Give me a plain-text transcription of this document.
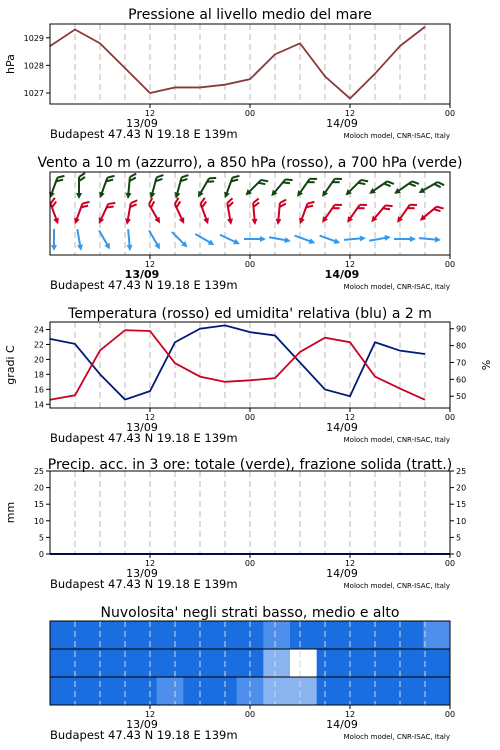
Pressione al livello medio del mare
1027
1028
1029
hPa
12	00	12	00
13/09	14/09
Budapest 47.43 N 19.18 E 139m	Moloch model, CNR-ISAC, Italy
Vento a 10 m (azzurro), a 850 hPa (rosso), a 700 hPa (verde)
12	00	12	00
13/09	14/09
Budapest 47.43 N 19.18 E 139m	Moloch model, CNR-ISAC, Italy
Temperatura (rosso) ed umidita' relativa (blu) a 2 m
14
16
18
20
22
24
50
60
70
80
90
gradi C	%
12	00	12	00
13/09	14/09
Budapest 47.43 N 19.18 E 139m	Moloch model, CNR-ISAC, Italy
Precip. acc. in 3 ore: totale (verde), frazione solida (tratt.)
0	0
5	5
10	10
15	15
20	20
25	25
mm
12	00	12	00
13/09	14/09
Budapest 47.43 N 19.18 E 139m	Moloch model, CNR-ISAC, Italy
Nuvolosita' negli strati basso, medio e alto
12	00	12	00
13/09	14/09
Budapest 47.43 N 19.18 E 139m	Moloch model, CNR-ISAC, Italy
